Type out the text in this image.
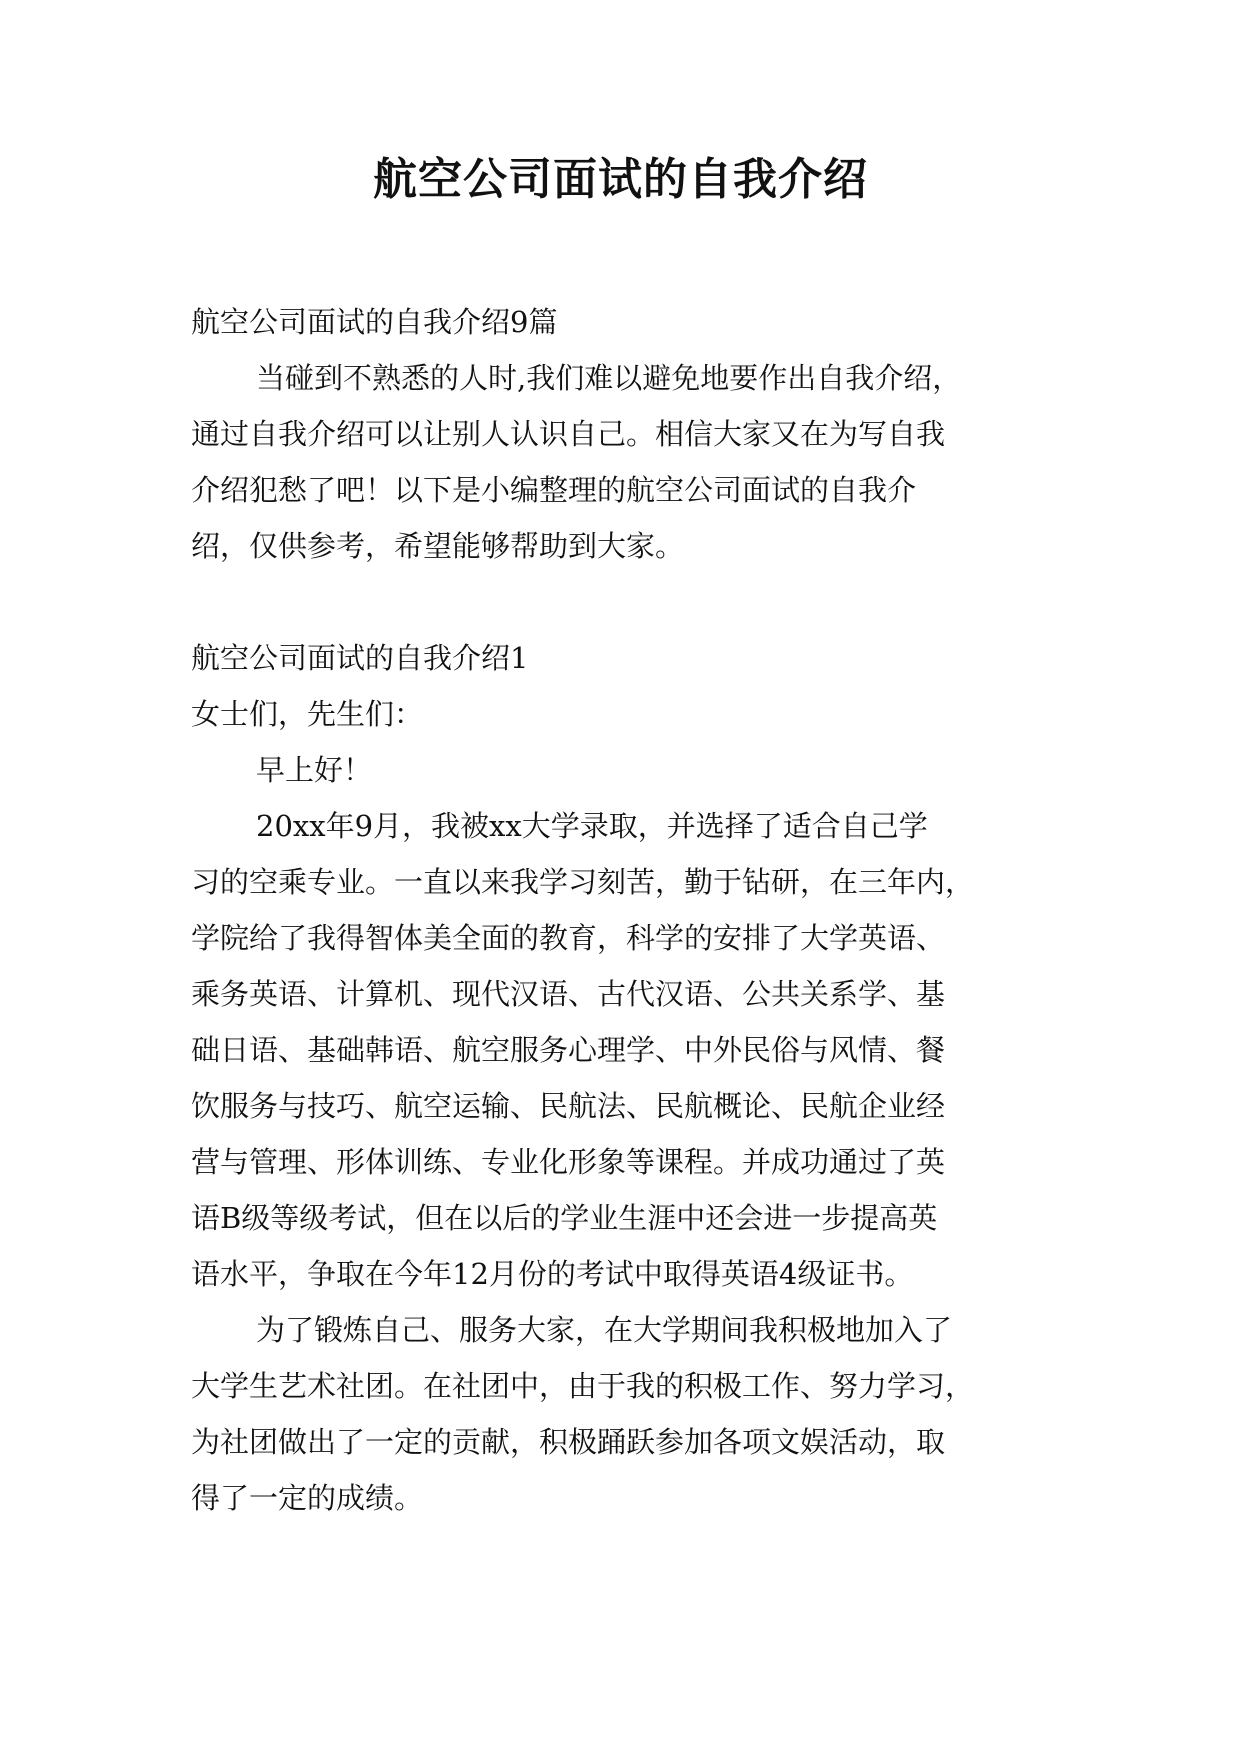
航空公司面试的自我介绍
航空公司面试的自我介绍9篇
当碰到不熟悉的人时,我们难以避免地要作出自我介绍，
通过自我介绍可以让别人认识自己。相信大家又在为写自我
介绍犯愁了吧！以下是小编整理的航空公司面试的自我介
绍，仅供参考，希望能够帮助到大家。
航空公司面试的自我介绍1
女士们，先生们：
早上好！
20xx年9月，我被xx大学录取，并选择了适合自己学
习的空乘专业。一直以来我学习刻苦，勤于钻研，在三年内，
学院给了我得智体美全面的教育，科学的安排了大学英语、
乘务英语、计算机、现代汉语、古代汉语、公共关系学、基
础日语、基础韩语、航空服务心理学、中外民俗与风情、餐
饮服务与技巧、航空运输、民航法、民航概论、民航企业经
营与管理、形体训练、专业化形象等课程。并成功通过了英
语B级等级考试，但在以后的学业生涯中还会进一步提高英
语水平，争取在今年12月份的考试中取得英语4级证书。
为了锻炼自己、服务大家，在大学期间我积极地加入了
大学生艺术社团。在社团中，由于我的积极工作、努力学习，
为社团做出了一定的贡献，积极踊跃参加各项文娱活动，取
得了一定的成绩。
